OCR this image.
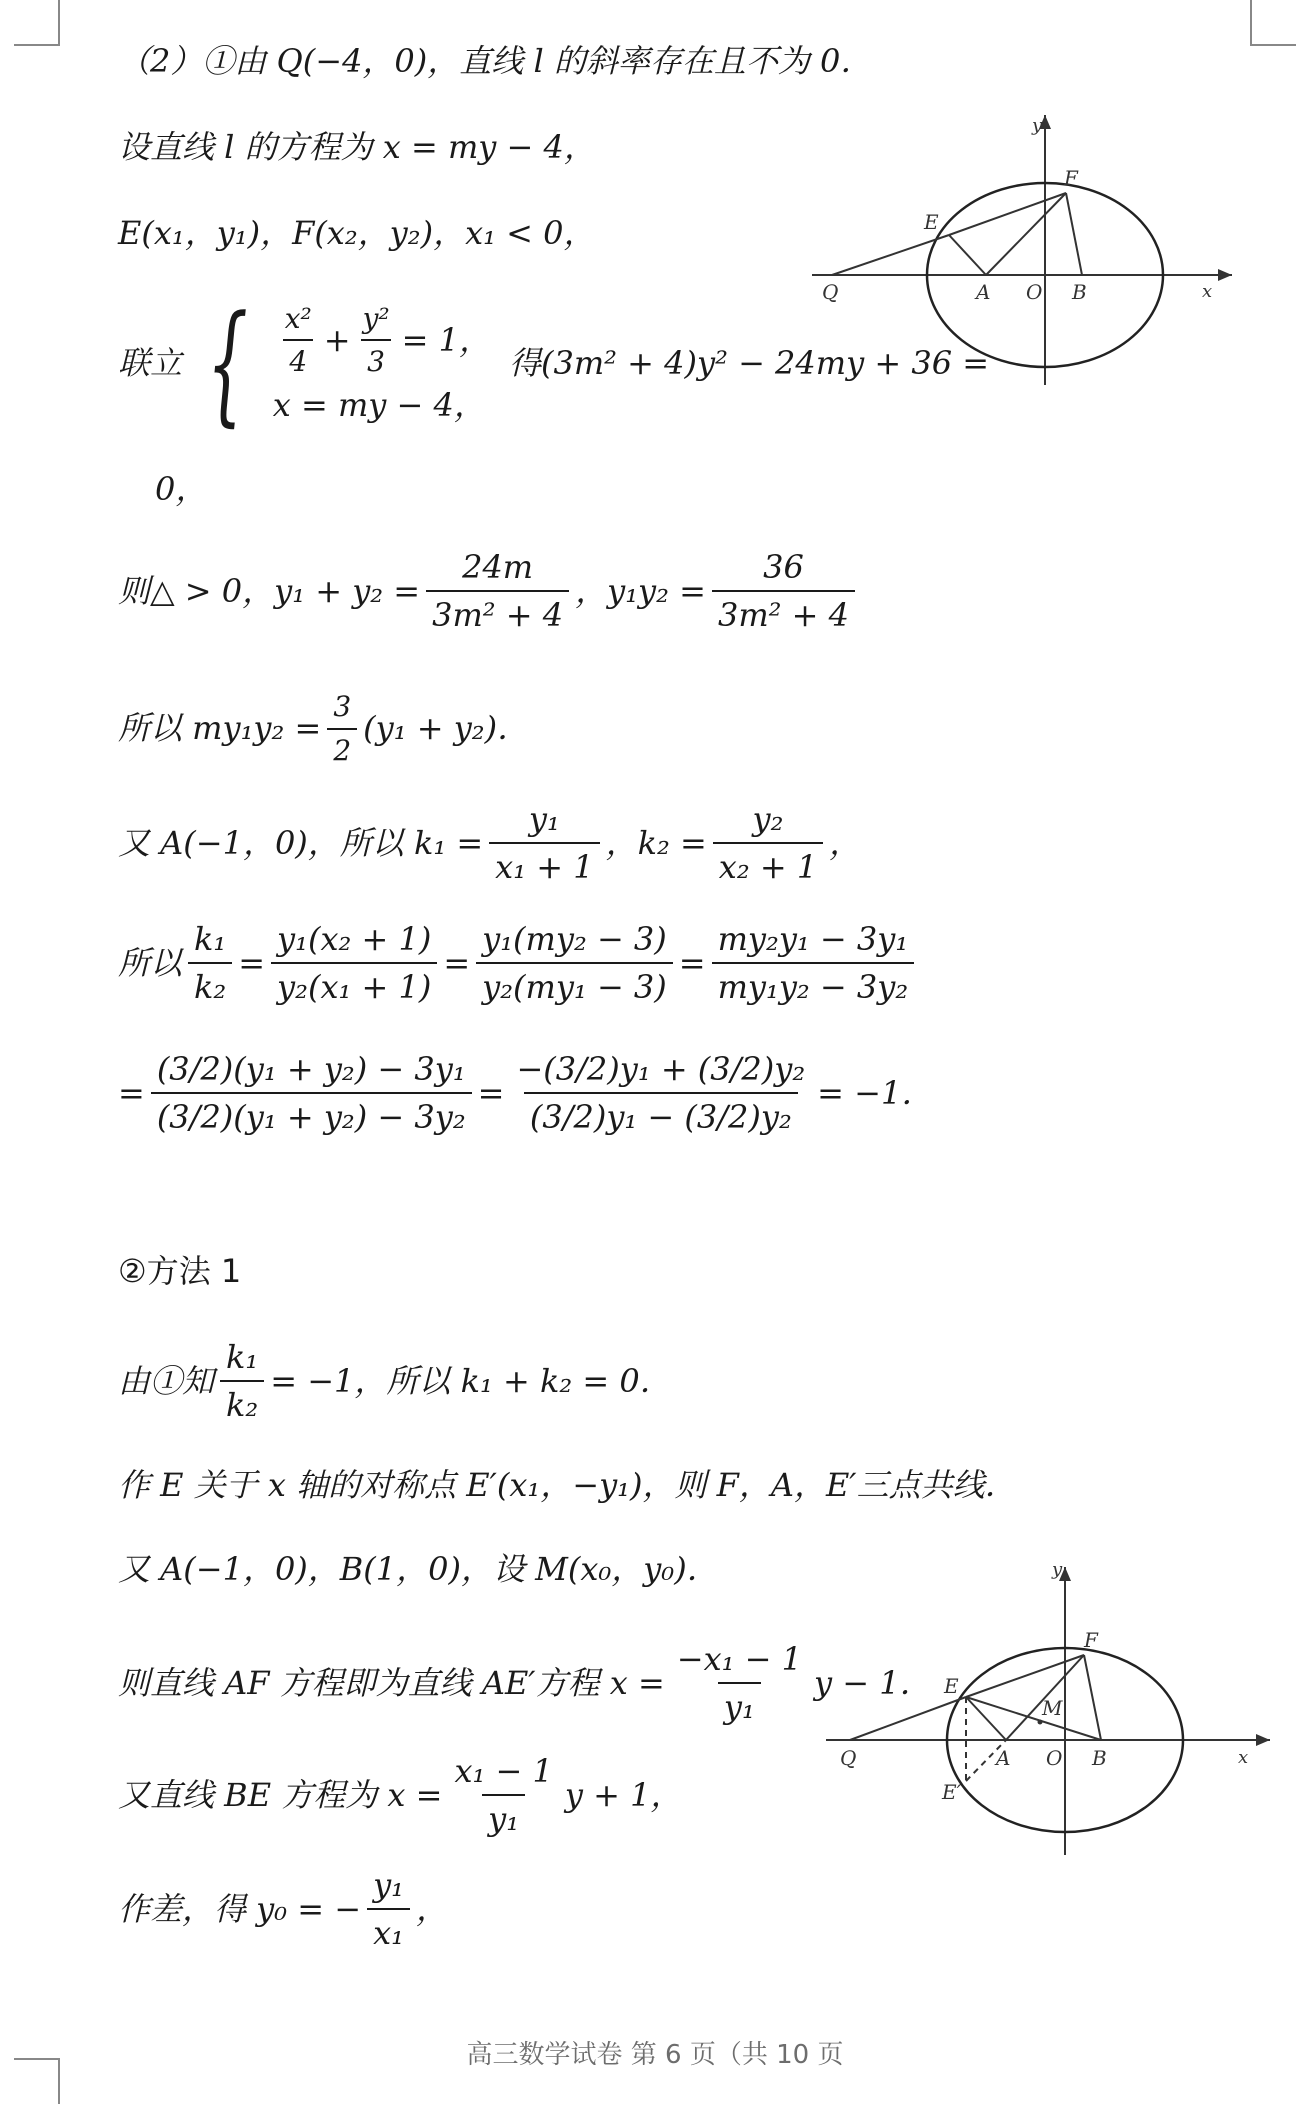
（2）①由 Q(−4，0)，直线 l 的斜率存在且不为 0．
设直线 l 的方程为 x = my − 4，
E(x₁，y₁)，F(x₂，y₂)，x₁ < 0，
联立 { $\frac{\text{x²}}{4} + \frac{\text{y²}}{3} = 1$，
x = my − 4，
得(3m² + 4)y² − 24my + 36 =
0，
则△ > 0，$y_1 + y_2 = \frac{24m}{\text{3m² + 4}}$ ，$y_1y_2 = \frac{36}{\text{3m² + 4}}$
所以 $my_1y_2 = \frac{3}{2} (y_1 + y_2)$．
又 A(−1，0)，所以 $k_1 = \frac{\text{y₁}}{\text{x₁ + 1}}$ ，$k_2 = \frac{\text{y₂}}{\text{x₂ + 1}}$ ，
所以 $\frac{\text{k₁}}{\text{k₂}} = \frac{\text{y₁(x₂ + 1)}}{\text{y₂(x₁ + 1)}} = \frac{\text{y₁(my₂ − 3)}}{\text{y₂(my₁ − 3)}} = \frac{\text{my₂y₁ − 3y₁}}{\text{my₁y₂ − 3y₂}}$
= $\frac{\text{(3/2)(y₁ + y₂) − 3y₁}}{\text{(3/2)(y₁ + y₂) − 3y₂}} = \frac{\text{−(3/2)y₁ + (3/2)y₂}}{\text{(3/2)y₁ − (3/2)y₂}} = -1$．
②方法 1
由①知 $\frac{\text{k₁}}{\text{k₂}} = -1$，所以 k₁ + k₂ = 0．
作 E 关于 x 轴的对称点 E′(x₁，−y₁)，则 F，A，E′三点共线．
又 A(−1，0)，B(1，0)，设 M(x₀，y₀)．
则直线 AF 方程即为直线 AE′方程 $x = \frac{\text{−x₁ − 1}}{\text{y₁}}$ y − 1．
又直线 BE 方程为 $x = \frac{\text{x₁ − 1}}{\text{y₁}}$ y + 1，
作差，得 y₀ = − $\frac{\text{y₁}}{\text{x₁}}$ ，
y
x
F
E
Q	A O B
y
x
F
E
E′
M
Q	A O B
高三数学试卷 第 6 页（共 10 页
